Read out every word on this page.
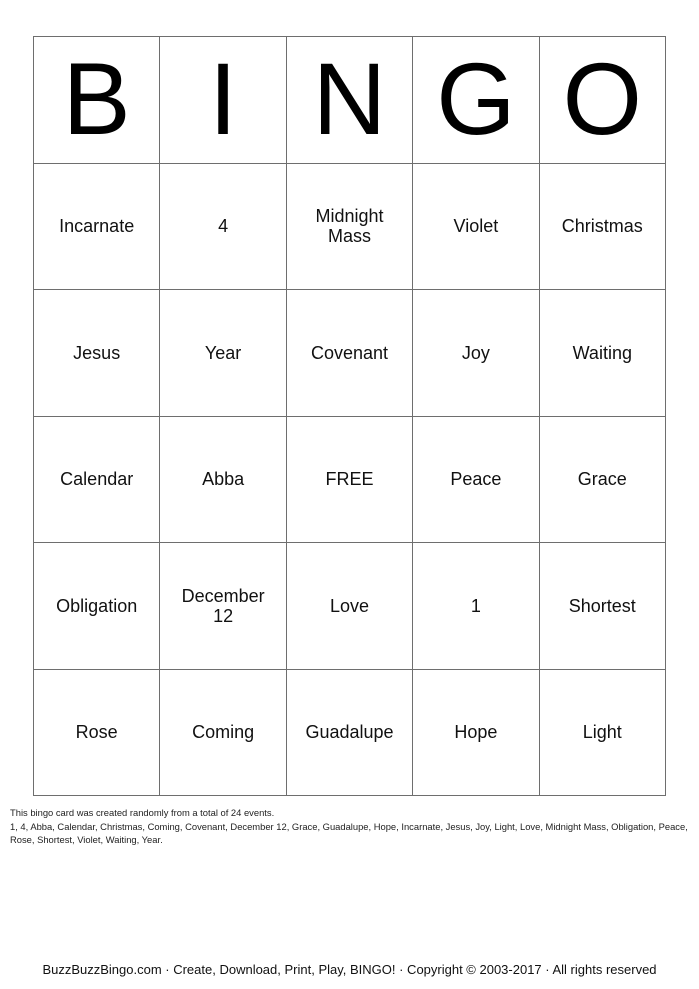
B I N G O
Incarnate	4	Midnight Mass	Violet	Christmas
Jesus	Year	Covenant	Joy	Waiting
Calendar	Abba	FREE	Peace	Grace
Obligation	December 12	Love	1	Shortest
Rose	Coming	Guadalupe	Hope	Light
This bingo card was created randomly from a total of 24 events.
1, 4, Abba, Calendar, Christmas, Coming, Covenant, December 12, Grace, Guadalupe, Hope, Incarnate, Jesus, Joy, Light, Love, Midnight Mass, Obligation, Peace, Rose, Shortest, Violet, Waiting, Year.
BuzzBuzzBingo.com · Create, Download, Print, Play, BINGO! · Copyright © 2003-2017 · All rights reserved
